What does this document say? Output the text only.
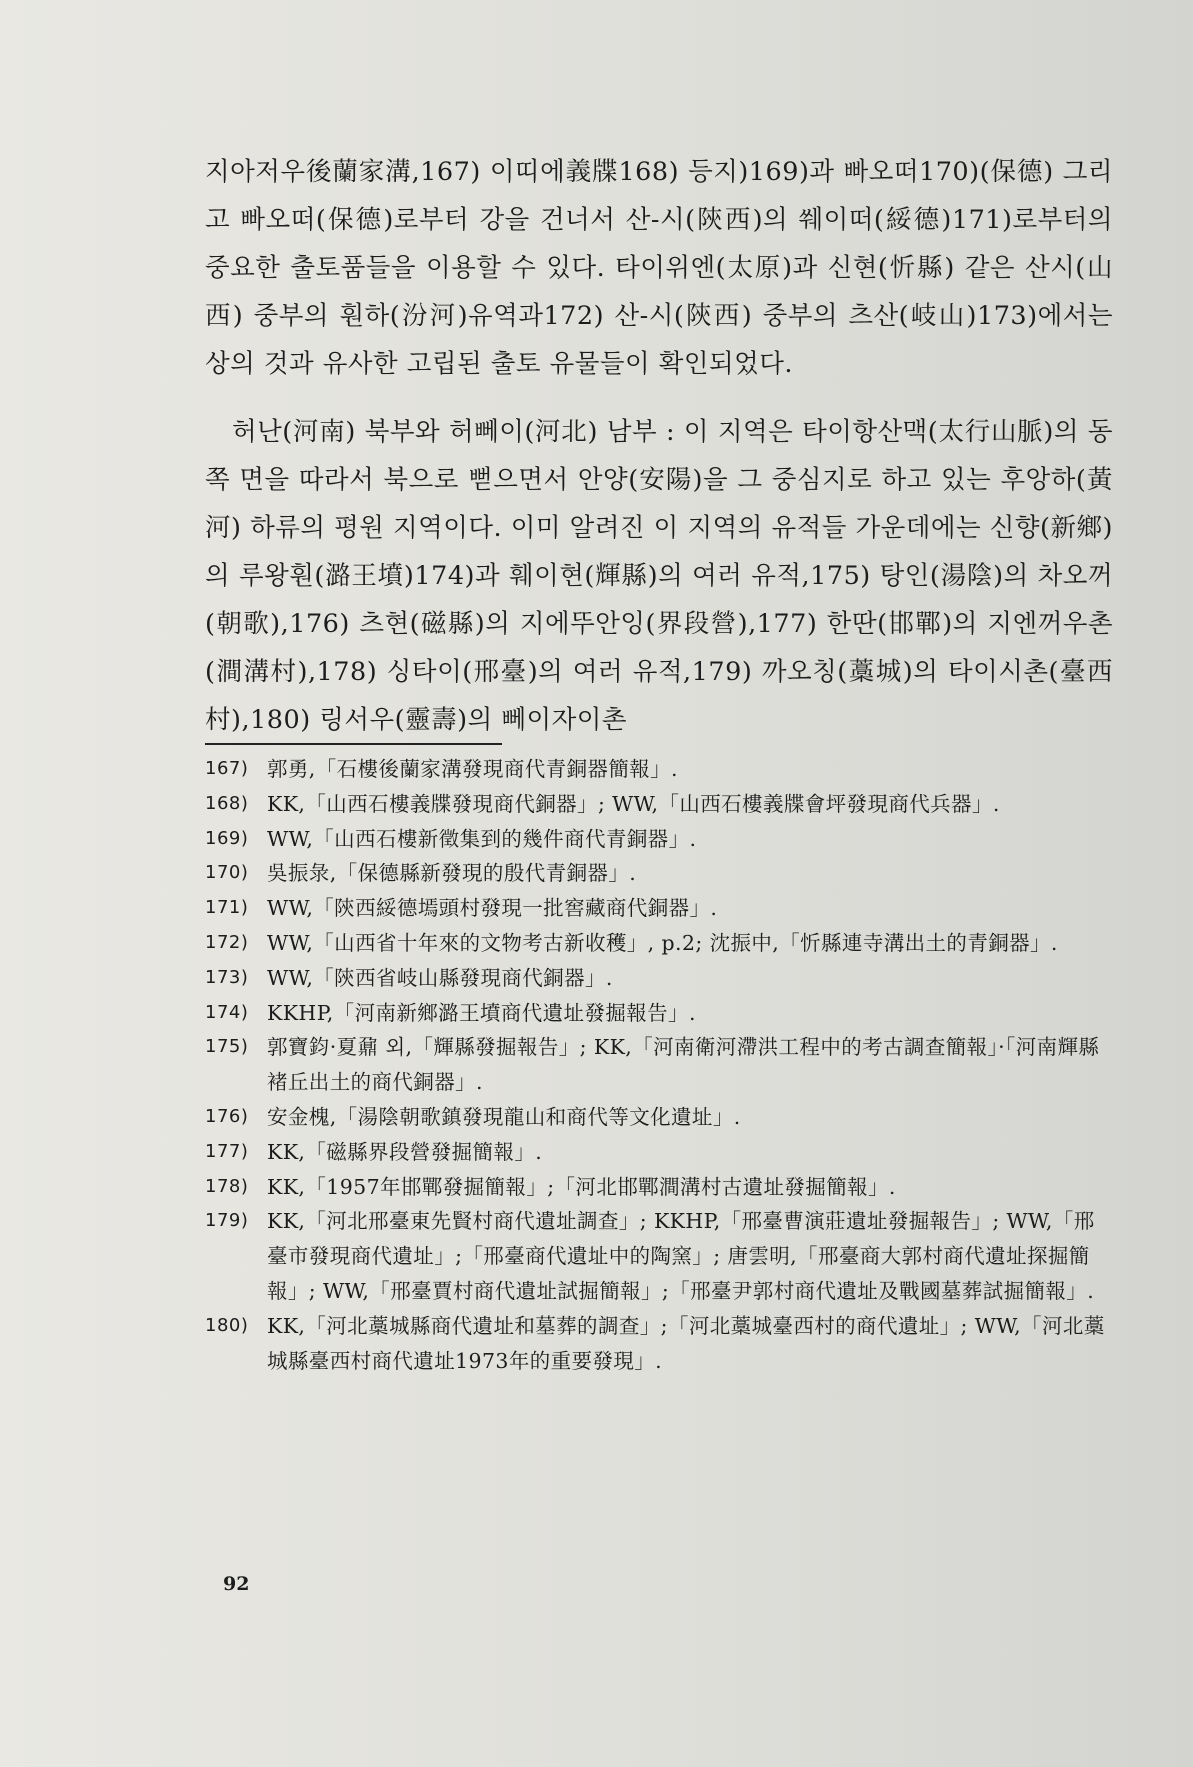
지아저우後蘭家溝,167) 이띠에義牒168) 등지)169)과 빠오떠170)(保德) 그리고 빠오떠(保德)로부터 강을 건너서 산-시(陝西)의 쒜이떠(綏德)171)로부터의 중요한 출토품들을 이용할 수 있다. 타이위엔(太原)과 신현(忻縣) 같은 산시(山西) 중부의 훤하(汾河)유역과172) 산-시(陝西) 중부의 츠산(岐山)173)에서는 상의 것과 유사한 고립된 출토 유물들이 확인되었다.

허난(河南) 북부와 허뻬이(河北) 남부 : 이 지역은 타이항산맥(太行山脈)의 동쪽 면을 따라서 북으로 뻗으면서 안양(安陽)을 그 중심지로 하고 있는 후앙하(黃河) 하류의 평원 지역이다. 이미 알려진 이 지역의 유적들 가운데에는 신향(新鄉)의 루왕훤(潞王墳)174)과 훼이현(輝縣)의 여러 유적,175) 탕인(湯陰)의 차오꺼(朝歌),176) 츠현(磁縣)의 지에뚜안잉(界段營),177) 한딴(邯鄲)의 지엔꺼우촌(澗溝村),178) 싱타이(邢臺)의 여러 유적,179) 까오칭(藁城)의 타이시촌(臺西村),180) 링서우(靈壽)의 뻬이자이촌

167) 郭勇,「石樓後蘭家溝發現商代青銅器簡報」.
168) KK,「山西石樓義牒發現商代銅器」; WW,「山西石樓義牒會坪發現商代兵器」.
169) WW,「山西石樓新徵集到的幾件商代青銅器」.
170) 吳振彔,「保德縣新發現的殷代青銅器」.
171) WW,「陝西綏德墕頭村發現一批窖藏商代銅器」.
172) WW,「山西省十年來的文物考古新收穫」, p.2; 沈振中,「忻縣連寺溝出土的青銅器」.
173) WW,「陝西省岐山縣發現商代銅器」.
174) KKHP,「河南新鄉潞王墳商代遺址發掘報告」.
175) 郭寶鈞·夏鼐 외,「輝縣發掘報告」; KK,「河南衛河滯洪工程中的考古調查簡報」·「河南輝縣褚丘出土的商代銅器」.
176) 安金槐,「湯陰朝歌鎮發現龍山和商代等文化遺址」.
177) KK,「磁縣界段營發掘簡報」.
178) KK,「1957年邯鄲發掘簡報」;「河北邯鄲澗溝村古遺址發掘簡報」.
179) KK,「河北邢臺東先賢村商代遺址調查」; KKHP,「邢臺曹演莊遺址發掘報告」; WW,「邢臺市發現商代遺址」;「邢臺商代遺址中的陶窯」; 唐雲明,「邢臺商大郭村商代遺址探掘簡報」; WW,「邢臺賈村商代遺址試掘簡報」;「邢臺尹郭村商代遺址及戰國墓葬試掘簡報」.
180) KK,「河北藁城縣商代遺址和墓葬的調查」;「河北藁城臺西村的商代遺址」; WW,「河北藁城縣臺西村商代遺址1973年的重要發現」.
92
